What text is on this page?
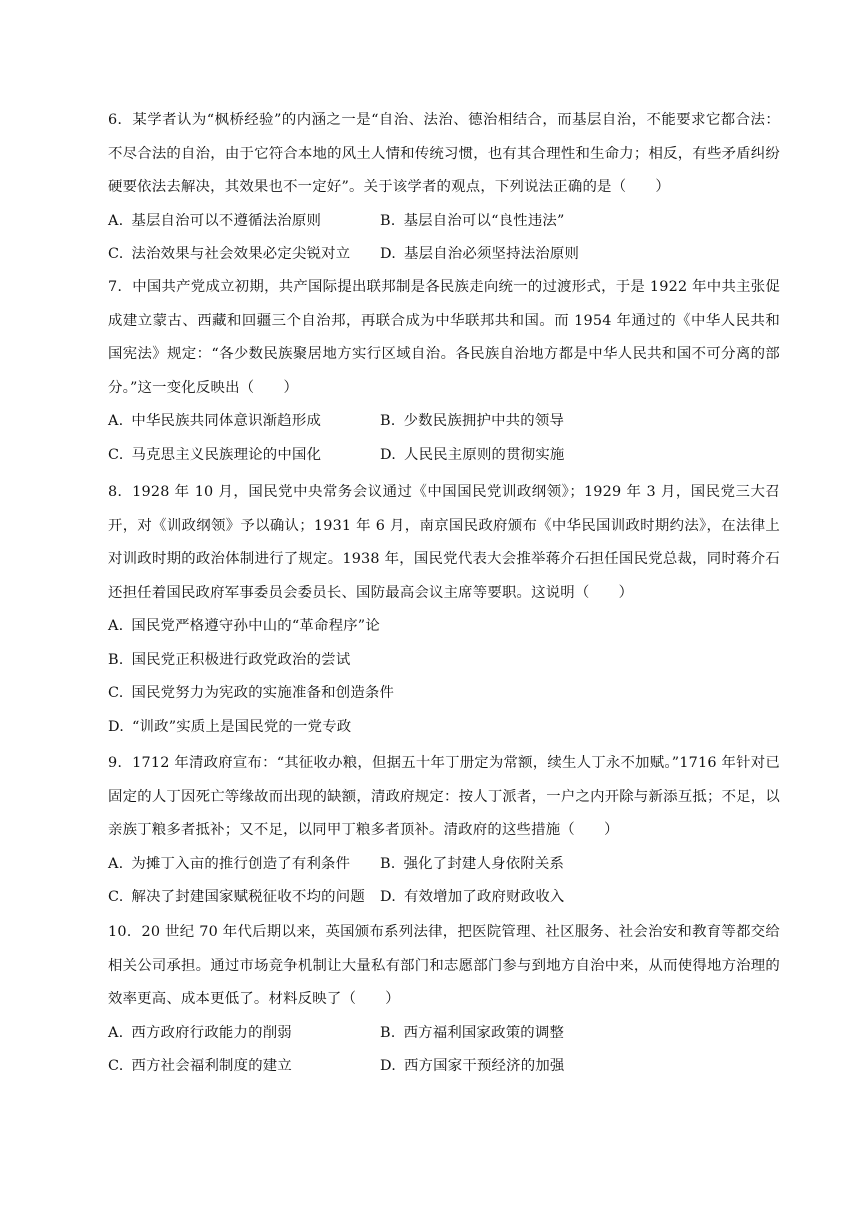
6. 某学者认为“枫桥经验”的内涵之一是“自治、法治、德治相结合，而基层自治，不能要求它都合法：不尽合法的自治，由于它符合本地的风土人情和传统习惯，也有其合理性和生命力；相反，有些矛盾纠纷硬要依法去解决，其效果也不一定好”。关于该学者的观点，下列说法正确的是（　　）
A. 基层自治可以不遵循法治原则	B. 基层自治可以“良性违法”
C. 法治效果与社会效果必定尖锐对立 D. 基层自治必须坚持法治原则
7. 中国共产党成立初期，共产国际提出联邦制是各民族走向统一的过渡形式，于是 1922 年中共主张促成建立蒙古、西藏和回疆三个自治邦，再联合成为中华联邦共和国。而 1954 年通过的《中华人民共和国宪法》规定：“各少数民族聚居地方实行区域自治。各民族自治地方都是中华人民共和国不可分离的部分。”这一变化反映出（　　）
A. 中华民族共同体意识渐趋形成	B. 少数民族拥护中共的领导
C. 马克思主义民族理论的中国化	D. 人民民主原则的贯彻实施
8. 1928 年 10 月，国民党中央常务会议通过《中国国民党训政纲领》；1929 年 3 月，国民党三大召开，对《训政纲领》予以确认；1931 年 6 月，南京国民政府颁布《中华民国训政时期约法》，在法律上对训政时期的政治体制进行了规定。1938 年，国民党代表大会推举蒋介石担任国民党总裁，同时蒋介石还担任着国民政府军事委员会委员长、国防最高会议主席等要职。这说明（　　）
A. 国民党严格遵守孙中山的“革命程序”论
B. 国民党正积极进行政党政治的尝试
C. 国民党努力为宪政的实施准备和创造条件
D. “训政”实质上是国民党的一党专政
9. 1712 年清政府宣布：“其征收办粮，但据五十年丁册定为常额，续生人丁永不加赋。”1716 年针对已固定的人丁因死亡等缘故而出现的缺额，清政府规定：按人丁派者，一户之内开除与新添互抵；不足，以亲族丁粮多者抵补；又不足，以同甲丁粮多者顶补。清政府的这些措施（　　）
A. 为摊丁入亩的推行创造了有利条件 B. 强化了封建人身依附关系
C. 解决了封建国家赋税征收不均的问题 D. 有效增加了政府财政收入
10. 20 世纪 70 年代后期以来，英国颁布系列法律，把医院管理、社区服务、社会治安和教育等都交给相关公司承担。通过市场竞争机制让大量私有部门和志愿部门参与到地方自治中来，从而使得地方治理的效率更高、成本更低了。材料反映了（　　）
A. 西方政府行政能力的削弱	B. 西方福利国家政策的调整
C. 西方社会福利制度的建立	D. 西方国家干预经济的加强
